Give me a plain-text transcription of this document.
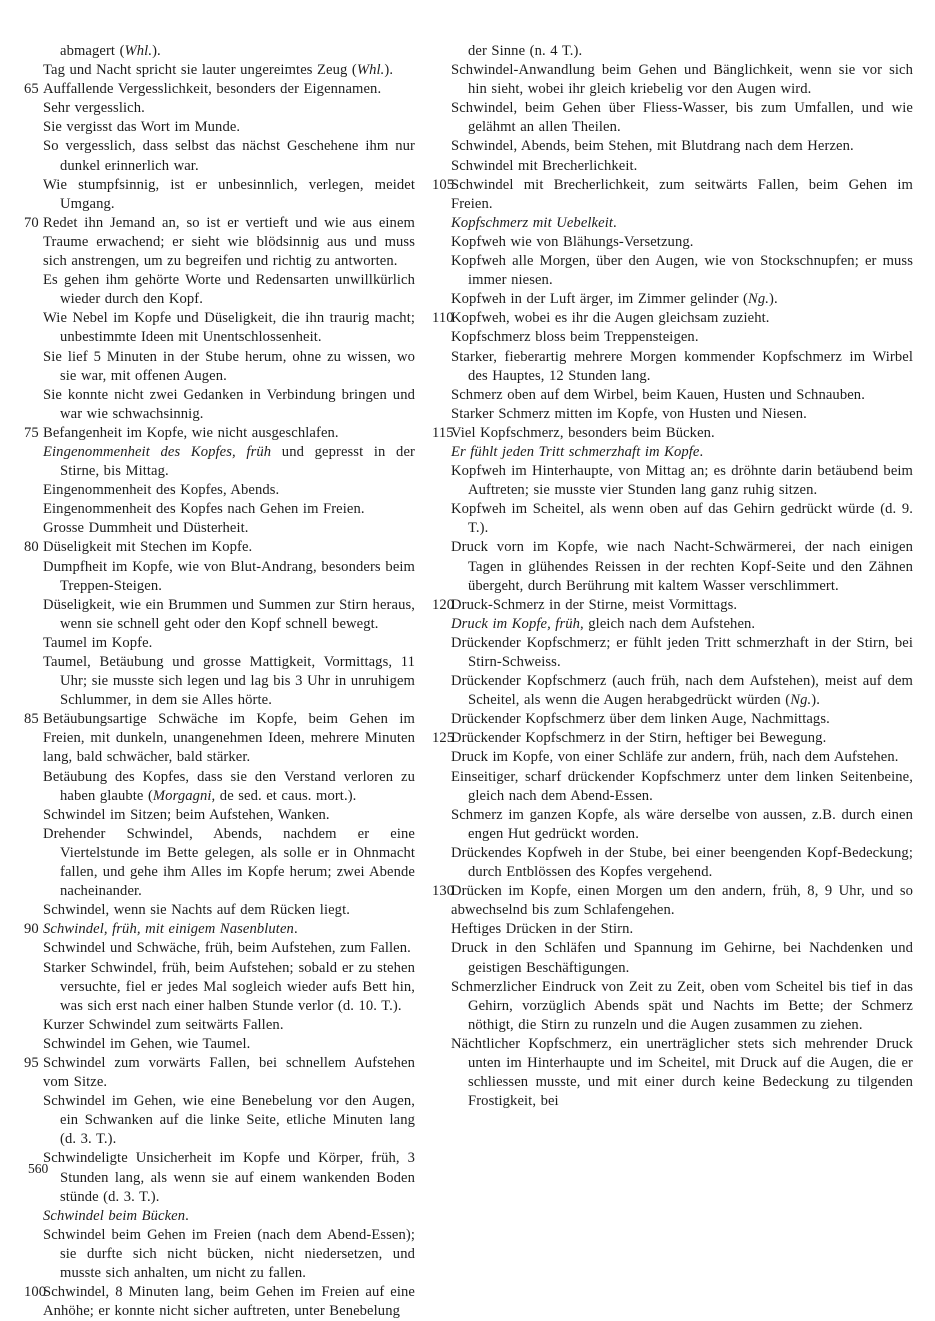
abmagert (Whl.).

Tag und Nacht spricht sie lauter ungereimtes Zeug (Whl.).

65 Auffallende Vergesslichkeit, besonders der Eigennamen.

Sehr vergesslich.

Sie vergisst das Wort im Munde.

So vergesslich, dass selbst das nächst Geschehene ihm nur dunkel erinnerlich war.

Wie stumpfsinnig, ist er unbesinnlich, verlegen, meidet Umgang.

70 Redet ihn Jemand an, so ist er vertieft und wie aus einem Traume erwachend; er sieht wie blödsinnig aus und muss sich anstrengen, um zu begreifen und richtig zu antworten.

Es gehen ihm gehörte Worte und Redensarten unwillkürlich wieder durch den Kopf.

Wie Nebel im Kopfe und Düseligkeit, die ihn traurig macht; unbestimmte Ideen mit Unentschlossenheit.

Sie lief 5 Minuten in der Stube herum, ohne zu wissen, wo sie war, mit offenen Augen.

Sie konnte nicht zwei Gedanken in Verbindung bringen und war wie schwachsinnig.

75 Befangenheit im Kopfe, wie nicht ausgeschlafen.

Eingenommenheit des Kopfes, früh und gepresst in der Stirne, bis Mittag.

Eingenommenheit des Kopfes, Abends.

Eingenommenheit des Kopfes nach Gehen im Freien.

Grosse Dummheit und Düsterheit.

80 Düseligkeit mit Stechen im Kopfe.

Dumpfheit im Kopfe, wie von Blut-Andrang, besonders beim Treppen-Steigen.

Düseligkeit, wie ein Brummen und Summen zur Stirn heraus, wenn sie schnell geht oder den Kopf schnell bewegt.

Taumel im Kopfe.

Taumel, Betäubung und grosse Mattigkeit, Vormittags, 11 Uhr; sie musste sich legen und lag bis 3 Uhr in unruhigem Schlummer, in dem sie Alles hörte.

85 Betäubungsartige Schwäche im Kopfe, beim Gehen im Freien, mit dunkeln, unangenehmen Ideen, mehrere Minuten lang, bald schwächer, bald stärker.

Betäubung des Kopfes, dass sie den Verstand verloren zu haben glaubte (Morgagni, de sed. et caus. mort.).

Schwindel im Sitzen; beim Aufstehen, Wanken.

Drehender Schwindel, Abends, nachdem er eine Viertelstunde im Bette gelegen, als solle er in Ohnmacht fallen, und gehe ihm Alles im Kopfe herum; zwei Abende nacheinander.

Schwindel, wenn sie Nachts auf dem Rücken liegt.

90 Schwindel, früh, mit einigem Nasenbluten.

Schwindel und Schwäche, früh, beim Aufstehen, zum Fallen.

Starker Schwindel, früh, beim Aufstehen; sobald er zu stehen versuchte, fiel er jedes Mal sogleich wieder aufs Bett hin, was sich erst nach einer halben Stunde verlor (d. 10. T.).

Kurzer Schwindel zum seitwärts Fallen.

Schwindel im Gehen, wie Taumel.

95 Schwindel zum vorwärts Fallen, bei schnellem Aufstehen vom Sitze.

Schwindel im Gehen, wie eine Benebelung vor den Augen, ein Schwanken auf die linke Seite, etliche Minuten lang (d. 3. T.).

Schwindeligte Unsicherheit im Kopfe und Körper, früh, 3 Stunden lang, als wenn sie auf einem wankenden Boden stünde (d. 3. T.).

Schwindel beim Bücken.

Schwindel beim Gehen im Freien (nach dem Abend-Essen); sie durfte sich nicht bücken, nicht niedersetzen, und musste sich anhalten, um nicht zu fallen.

100Schwindel, 8 Minuten lang, beim Gehen im Freien auf eine Anhöhe; er konnte nicht sicher auftreten, unter Benebelung

der Sinne (n. 4 T.).

Schwindel-Anwandlung beim Gehen und Bänglichkeit, wenn sie vor sich hin sieht, wobei ihr gleich kriebelig vor den Augen wird.

Schwindel, beim Gehen über Fliess-Wasser, bis zum Umfallen, und wie gelähmt an allen Theilen.

Schwindel, Abends, beim Stehen, mit Blutdrang nach dem Herzen.

Schwindel mit Brecherlichkeit.

105Schwindel mit Brecherlichkeit, zum seitwärts Fallen, beim Gehen im Freien.

Kopfschmerz mit Uebelkeit.

Kopfweh wie von Blähungs-Versetzung.

Kopfweh alle Morgen, über den Augen, wie von Stockschnupfen; er muss immer niesen.

Kopfweh in der Luft ärger, im Zimmer gelinder (Ng.).

110Kopfweh, wobei es ihr die Augen gleichsam zuzieht.

Kopfschmerz bloss beim Treppensteigen.

Starker, fieberartig mehrere Morgen kommender Kopfschmerz im Wirbel des Hauptes, 12 Stunden lang.

Schmerz oben auf dem Wirbel, beim Kauen, Husten und Schnauben.

Starker Schmerz mitten im Kopfe, von Husten und Niesen.

115Viel Kopfschmerz, besonders beim Bücken.

Er fühlt jeden Tritt schmerzhaft im Kopfe.

Kopfweh im Hinterhaupte, von Mittag an; es dröhnte darin betäubend beim Auftreten; sie musste vier Stunden lang ganz ruhig sitzen.

Kopfweh im Scheitel, als wenn oben auf das Gehirn gedrückt würde (d. 9. T.).

Druck vorn im Kopfe, wie nach Nacht-Schwärmerei, der nach einigen Tagen in glühendes Reissen in der rechten Kopf-Seite und den Zähnen übergeht, durch Berührung mit kaltem Wasser verschlimmert.

120Druck-Schmerz in der Stirne, meist Vormittags.

Druck im Kopfe, früh, gleich nach dem Aufstehen.

Drückender Kopfschmerz; er fühlt jeden Tritt schmerzhaft in der Stirn, bei Stirn-Schweiss.

Drückender Kopfschmerz (auch früh, nach dem Aufstehen), meist auf dem Scheitel, als wenn die Augen herabgedrückt würden (Ng.).

Drückender Kopfschmerz über dem linken Auge, Nachmittags.

125Drückender Kopfschmerz in der Stirn, heftiger bei Bewegung.

Druck im Kopfe, von einer Schläfe zur andern, früh, nach dem Aufstehen.

Einseitiger, scharf drückender Kopfschmerz unter dem linken Seitenbeine, gleich nach dem Abend-Essen.

Schmerz im ganzen Kopfe, als wäre derselbe von aussen, z.B. durch einen engen Hut gedrückt worden.

Drückendes Kopfweh in der Stube, bei einer beengenden Kopf-Bedeckung; durch Entblössen des Kopfes vergehend.

130Drücken im Kopfe, einen Morgen um den andern, früh, 8, 9 Uhr, und so abwechselnd bis zum Schlafengehen.

Heftiges Drücken in der Stirn.

Druck in den Schläfen und Spannung im Gehirne, bei Nachdenken und geistigen Beschäftigungen.

Schmerzlicher Eindruck von Zeit zu Zeit, oben vom Scheitel bis tief in das Gehirn, vorzüglich Abends spät und Nachts im Bette; der Schmerz nöthigt, die Stirn zu runzeln und die Augen zusammen zu ziehen.

Nächtlicher Kopfschmerz, ein unerträglicher stets sich mehrender Druck unten im Hinterhaupte und im Scheitel, mit Druck auf die Augen, die er schliessen musste, und mit einer durch keine Bedeckung zu tilgenden Frostigkeit, bei

560
